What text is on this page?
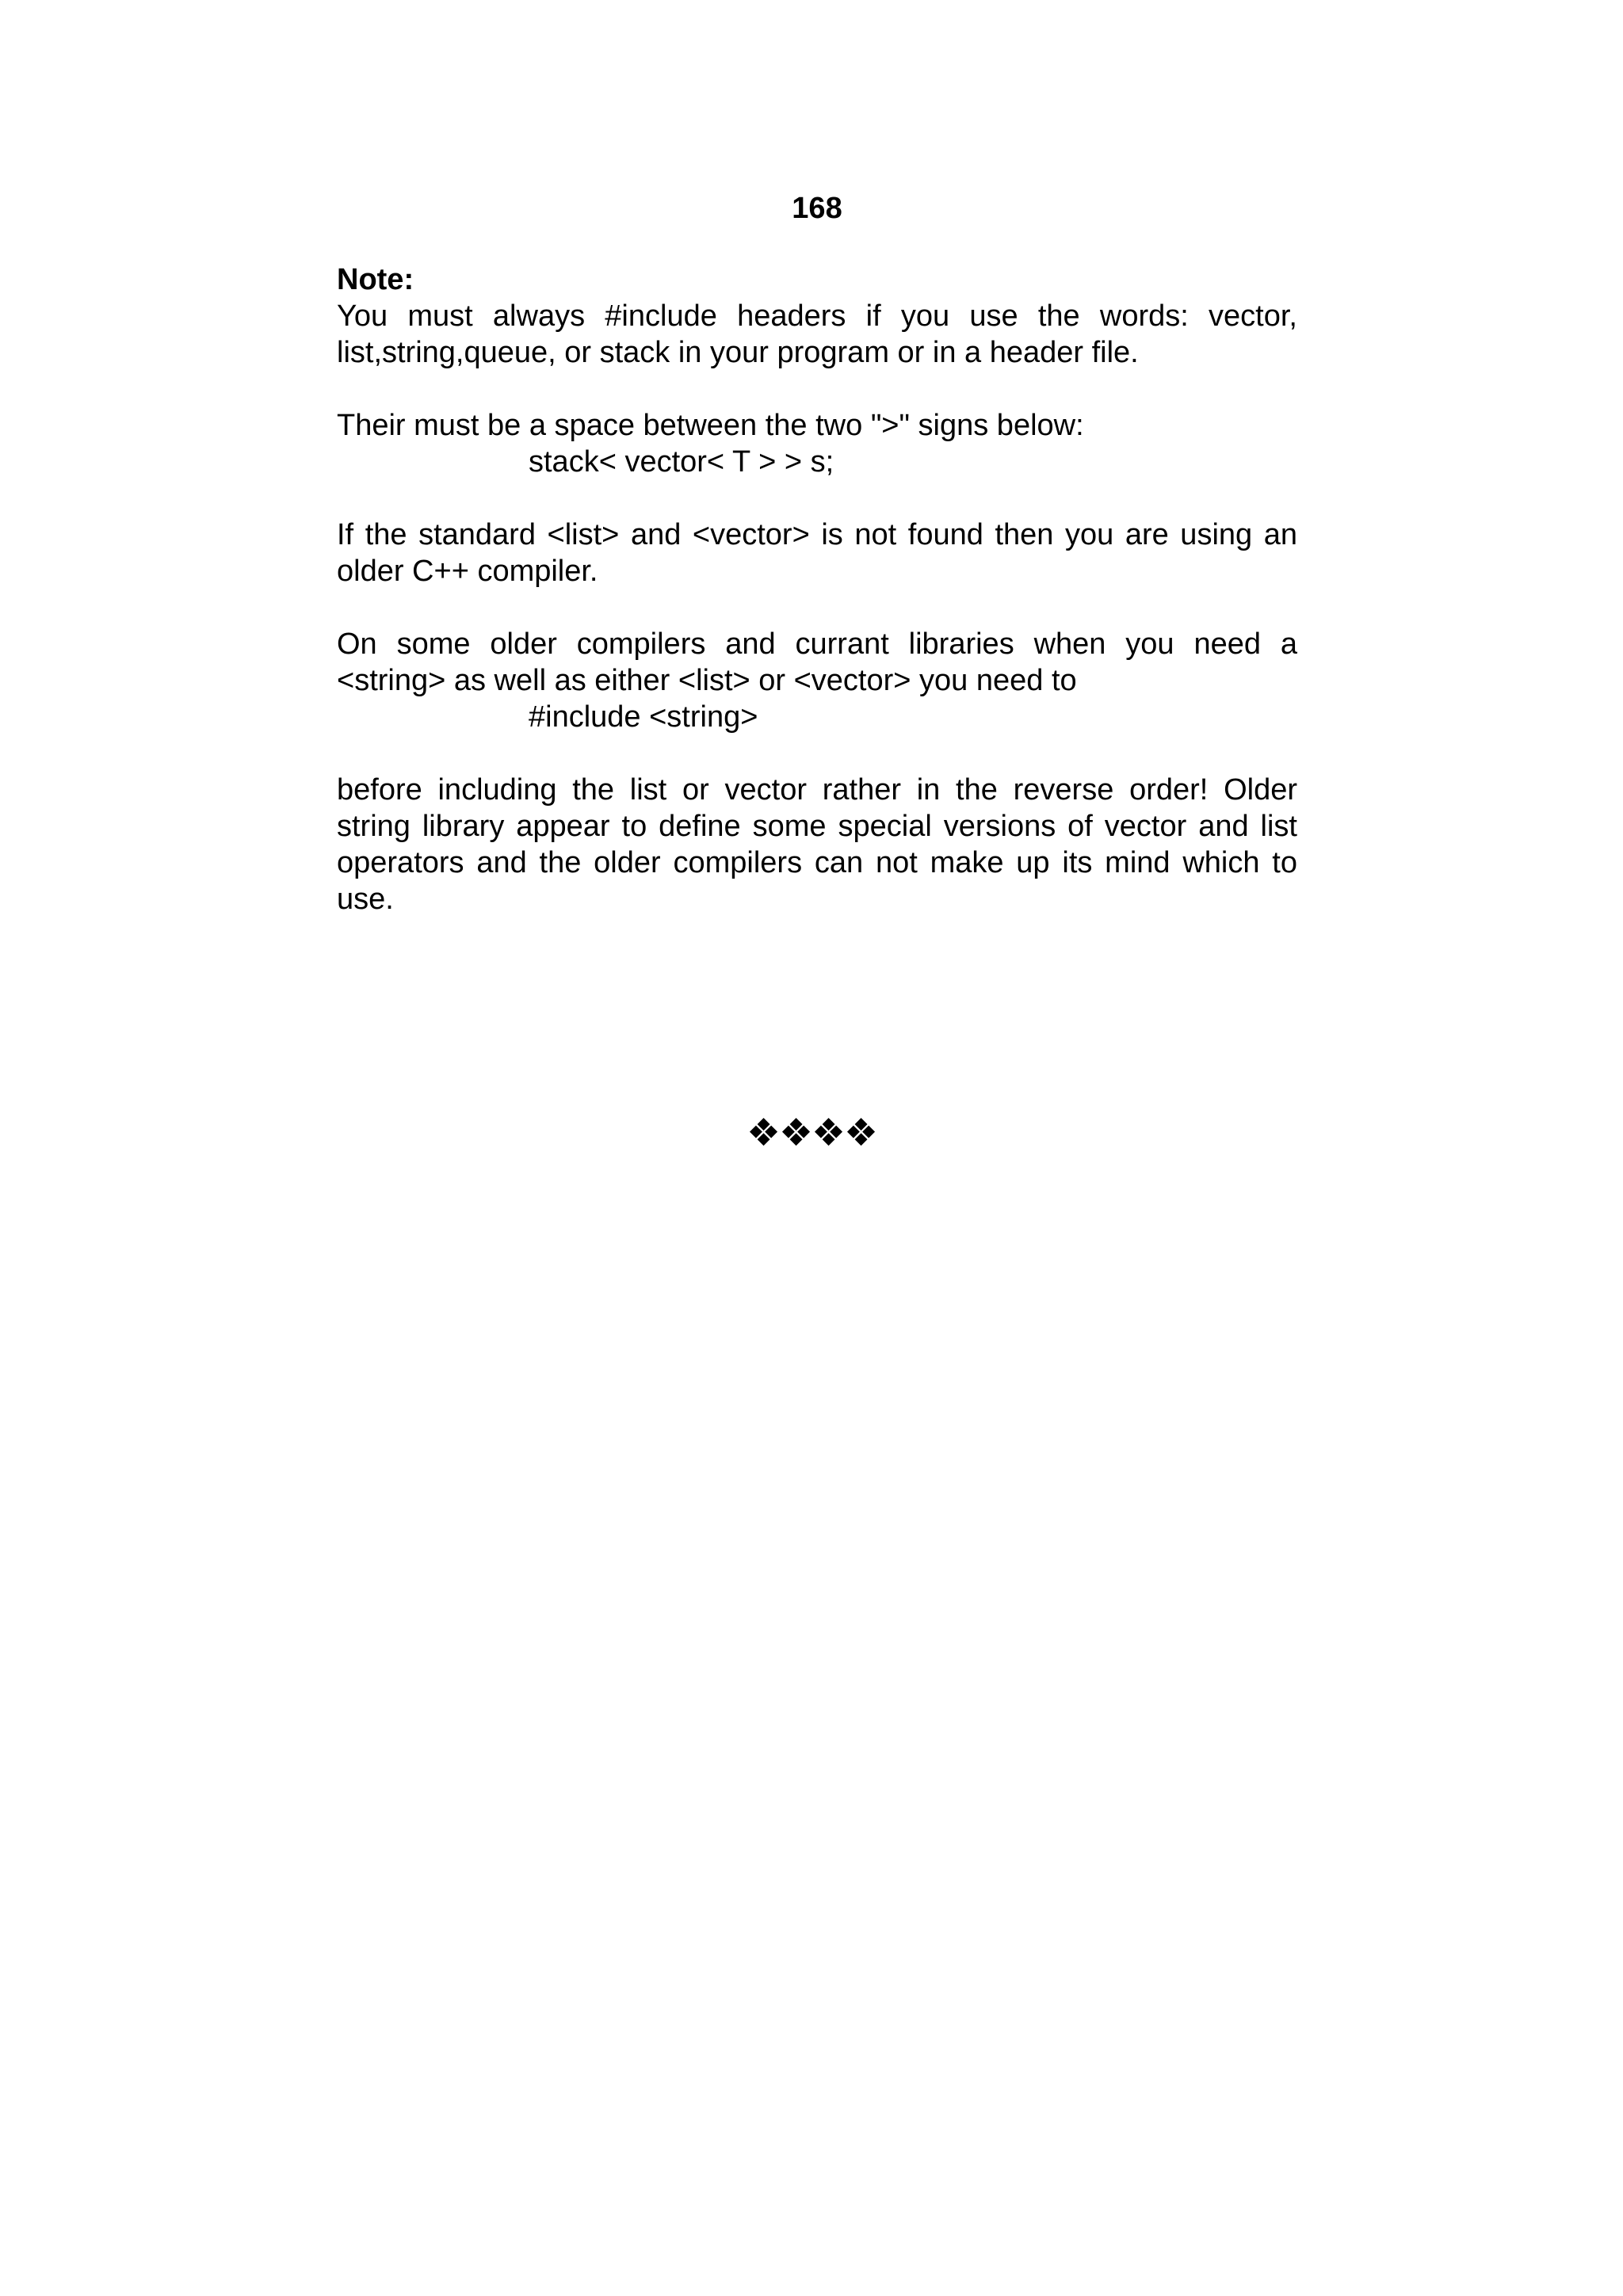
168
Note:
You must always #include headers if you use the words: vector, list,string,queue, or stack in your program or in a header file.
Their must be a space between the two ">" signs below:
stack< vector< T > > s;
If the standard <list> and <vector> is not found then you are using an older C++ compiler.
On some older compilers and currant libraries when you need a <string> as well as either <list> or <vector> you need to
#include <string>
before including the list or vector rather in the reverse order! Older string library appear to define some special versions of vector and list operators and the older compilers can not make up its mind which to use.
❖❖❖❖
